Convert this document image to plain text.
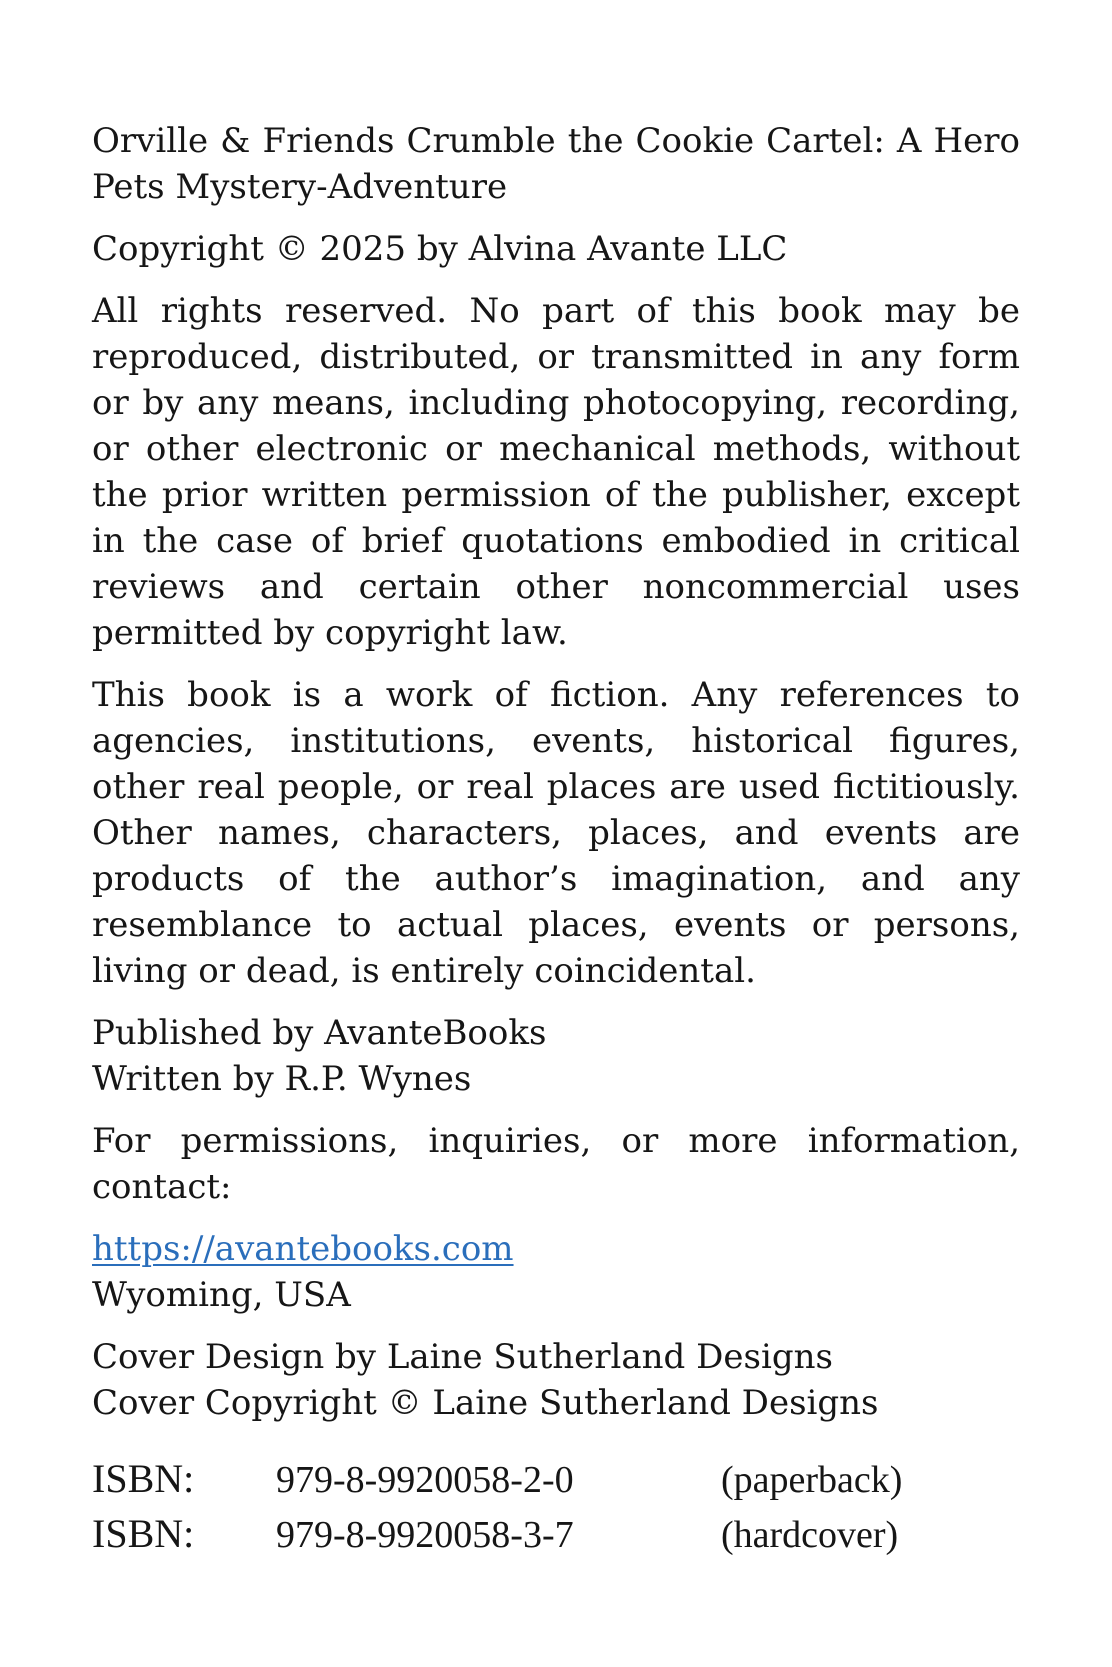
Orville & Friends Crumble the Cookie Cartel: A Hero Pets Mystery-Adventure

Copyright © 2025 by Alvina Avante LLC

All rights reserved. No part of this book may be reproduced, distributed, or transmitted in any form or by any means, including photocopying, recording, or other electronic or mechanical methods, without the prior written permission of the publisher, except in the case of brief quotations embodied in critical reviews and certain other noncommercial uses permitted by copyright law.

This book is a work of fiction. Any references to agencies, institutions, events, historical figures, other real people, or real places are used fictitiously. Other names, characters, places, and events are products of the author’s imagination, and any resemblance to actual places, events or persons, living or dead, is entirely coincidental.

Published by AvanteBooks

Written by R.P. Wynes

For permissions, inquiries, or more information, contact:

https://avantebooks.com

Wyoming, USA

Cover Design by Laine Sutherland Designs

Cover Copyright © Laine Sutherland Designs

ISBN:	979-8-9920058-2-0	(paperback)
ISBN:	979-8-9920058-3-7	(hardcover)
